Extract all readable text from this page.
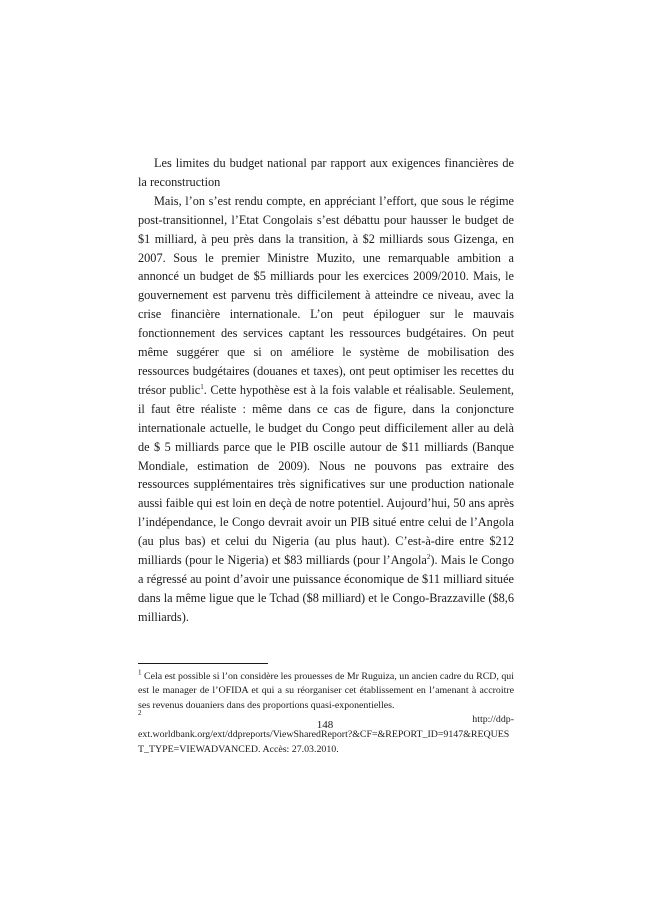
Les limites du budget national par rapport aux exigences financières de la reconstruction

Mais, l’on s’est rendu compte, en appréciant l’effort, que sous le régime post-transitionnel, l’Etat Congolais s’est débattu pour hausser le budget de $1 milliard, à peu près dans la transition, à $2 milliards sous Gizenga, en 2007. Sous le premier Ministre Muzito, une remarquable ambition a annoncé un budget de $5 milliards pour les exercices 2009/2010. Mais, le gouvernement est parvenu très difficilement à atteindre ce niveau, avec la crise financière internationale. L’on peut épiloguer sur le mauvais fonctionnement des services captant les ressources budgétaires. On peut même suggérer que si on améliore le système de mobilisation des ressources budgétaires (douanes et taxes), ont peut optimiser les recettes du trésor public$^1$. Cette hypothèse est à la fois valable et réalisable. Seulement, il faut être réaliste : même dans ce cas de figure, dans la conjoncture internationale actuelle, le budget du Congo peut difficilement aller au delà de $ 5 milliards parce que le PIB oscille autour de $11 milliards (Banque Mondiale, estimation de 2009). Nous ne pouvons pas extraire des ressources supplémentaires très significatives sur une production nationale aussi faible qui est loin en deçà de notre potentiel. Aujourd’hui, 50 ans après l’indépendance, le Congo devrait avoir un PIB situé entre celui de l’Angola (au plus bas) et celui du Nigeria (au plus haut). C’est-à-dire entre $212 milliards (pour le Nigeria) et $83 milliards (pour l’Angola$^2$). Mais le Congo a régressé au point d’avoir une puissance économique de $11 milliard située dans la même ligue que le Tchad ($8 milliard) et le Congo-Brazzaville ($8,6 milliards).

$^1$ Cela est possible si l’on considère les prouesses de Mr Ruguiza, un ancien cadre du RCD, qui est le manager de l’OFIDA et qui a su réorganiser cet établissement en l’amenant à accroitre ses revenus douaniers dans des proportions quasi-exponentielles.

2
http://ddp-

ext.worldbank.org/ext/ddpreports/ViewSharedReport?&CF=&REPORT_ID=9147&REQUEST_TYPE=VIEWADVANCED. Accès: 27.03.2010.

148
